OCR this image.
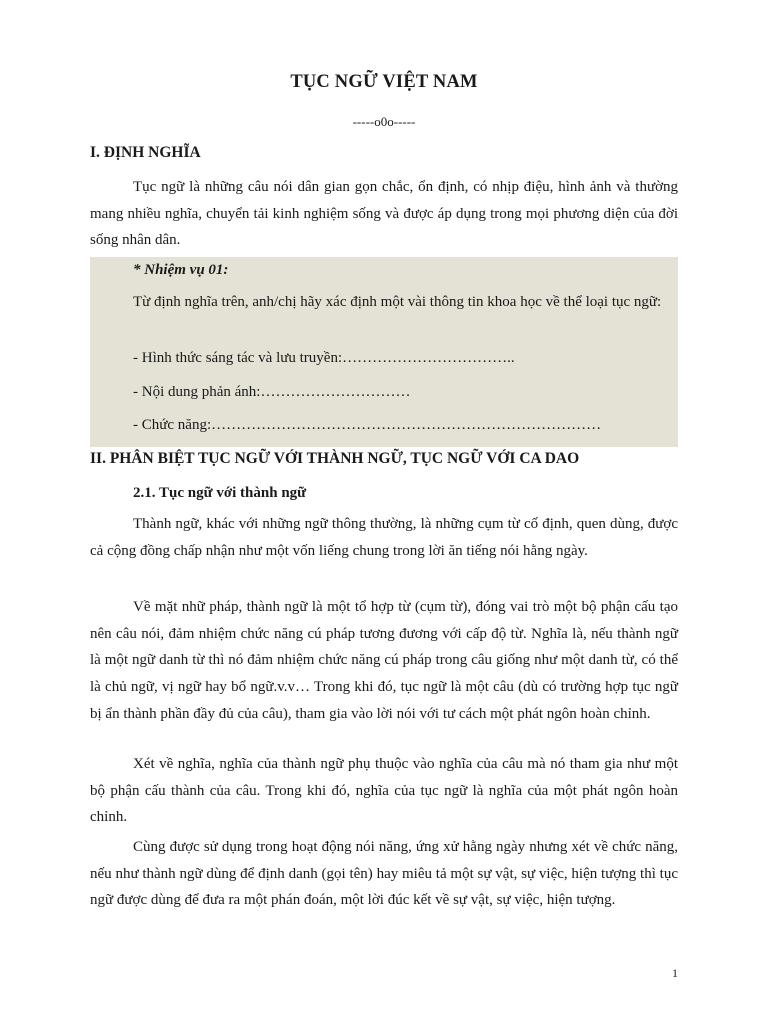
TỤC NGỮ VIỆT NAM
-----o0o-----
I. ĐỊNH NGHĨA
Tục ngữ là những câu nói dân gian gọn chắc, ổn định, có nhịp điệu, hình ảnh và thường mang nhiều nghĩa, chuyển tải kinh nghiệm sống và được áp dụng trong mọi phương diện của đời sống nhân dân.
* Nhiệm vụ 01:
Từ định nghĩa trên, anh/chị hãy xác định một vài thông tin khoa học về thể loại tục ngữ:
- Hình thức sáng tác và lưu truyền:……………………………..
- Nội dung phản ánh:…………………………
- Chức năng:……………………………………………………………………
II. PHÂN BIỆT TỤC NGỮ VỚI THÀNH NGỮ, TỤC NGỮ VỚI CA DAO
2.1. Tục ngữ với thành ngữ
Thành ngữ, khác với những ngữ thông thường, là những cụm từ cố định, quen dùng, được cả cộng đồng chấp nhận như một vốn liếng chung trong lời ăn tiếng nói hằng ngày.
Về mặt nhữ pháp, thành ngữ là một tổ hợp từ (cụm từ), đóng vai trò một bộ phận cấu tạo nên câu nói, đảm nhiệm chức năng cú pháp tương đương với cấp độ từ. Nghĩa là, nếu thành ngữ là một ngữ danh từ thì nó đảm nhiệm chức năng cú pháp trong câu giống như một danh từ, có thể là chủ ngữ, vị ngữ hay bổ ngữ.v.v… Trong khi đó, tục ngữ là một câu (dù có trường hợp tục ngữ bị ẩn thành phần đầy đủ của câu), tham gia vào lời nói với tư cách một phát ngôn hoàn chỉnh.
Xét về nghĩa, nghĩa của thành ngữ phụ thuộc vào nghĩa của câu mà nó tham gia như một bộ phận cấu thành của câu. Trong khi đó, nghĩa của tục ngữ là nghĩa của một phát ngôn hoàn chỉnh.
Cùng được sử dụng trong hoạt động nói năng, ứng xử hằng ngày nhưng xét về chức năng, nếu như thành ngữ dùng để định danh (gọi tên) hay miêu tả một sự vật, sự việc, hiện tượng thì tục ngữ được dùng để đưa ra một phán đoán, một lời đúc kết về sự vật, sự việc, hiện tượng.
1
